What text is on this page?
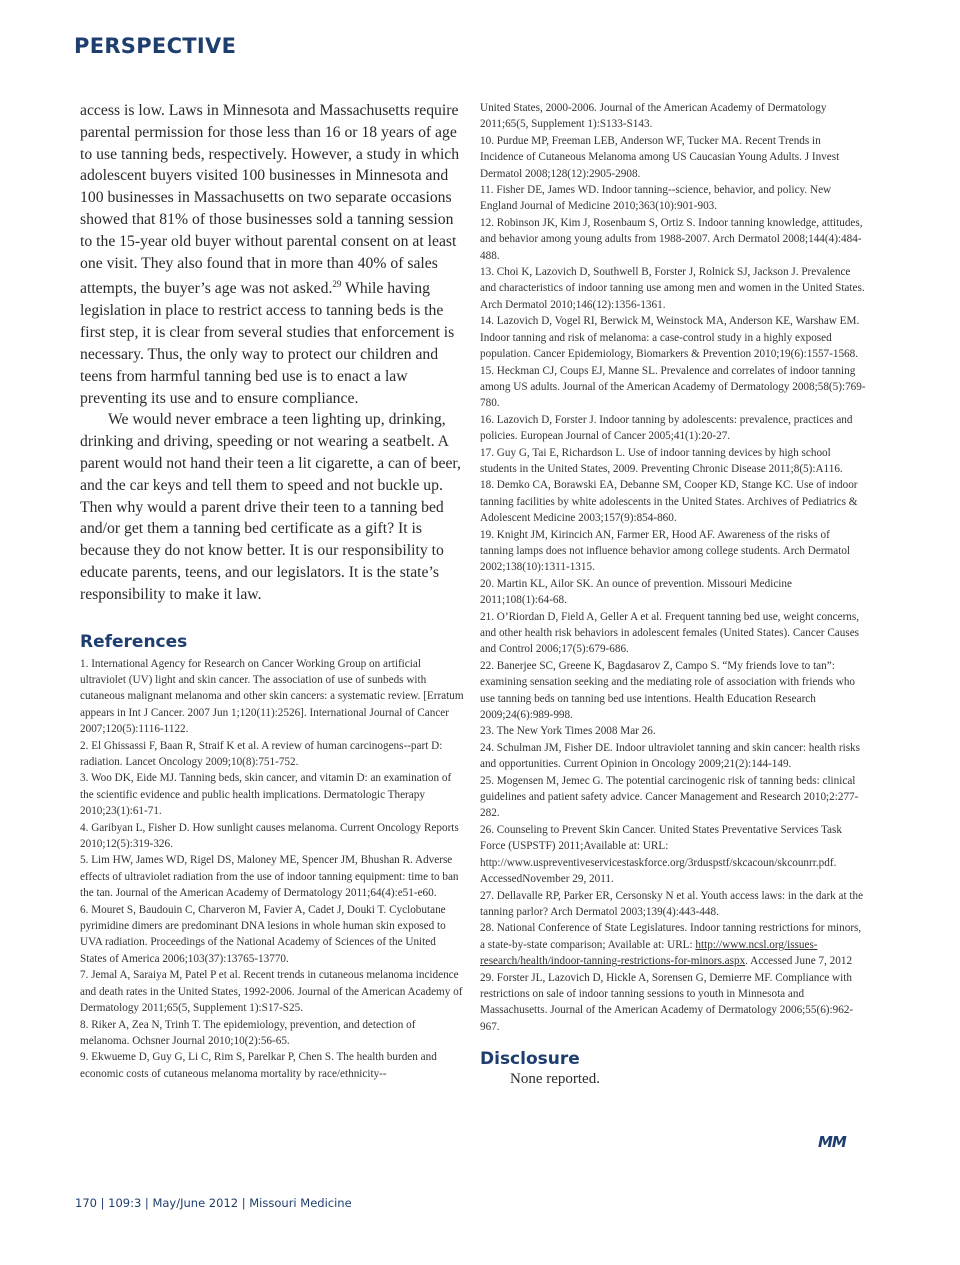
PERSPECTIVE

access is low. Laws in Minnesota and Massachusetts require parental permission for those less than 16 or 18 years of age to use tanning beds, respectively. However, a study in which adolescent buyers visited 100 businesses in Minnesota and 100 businesses in Massachusetts on two separate occasions showed that 81% of those businesses sold a tanning session to the 15-year old buyer without parental consent on at least one visit. They also found that in more than 40% of sales attempts, the buyer’s age was not asked.$^{29}$ While having legislation in place to restrict access to tanning beds is the first step, it is clear from several studies that enforcement is necessary. Thus, the only way to protect our children and teens from harmful tanning bed use is to enact a law preventing its use and to ensure compliance.

We would never embrace a teen lighting up, drinking, drinking and driving, speeding or not wearing a seatbelt. A parent would not hand their teen a lit cigarette, a can of beer, and the car keys and tell them to speed and not buckle up. Then why would a parent drive their teen to a tanning bed and/or get them a tanning bed certificate as a gift? It is because they do not know better. It is our responsibility to educate parents, teens, and our legislators. It is the state’s responsibility to make it law.

References

1. International Agency for Research on Cancer Working Group on artificial ultraviolet (UV) light and skin cancer. The association of use of sunbeds with cutaneous malignant melanoma and other skin cancers: a systematic review. [Erratum appears in Int J Cancer. 2007 Jun 1;120(11):2526]. International Journal of Cancer 2007;120(5):1116-1122.

2. El Ghissassi F, Baan R, Straif K et al. A review of human carcinogens--part D: radiation. Lancet Oncology 2009;10(8):751-752.

3. Woo DK, Eide MJ. Tanning beds, skin cancer, and vitamin D: an examination of the scientific evidence and public health implications. Dermatologic Therapy 2010;23(1):61-71.

4. Garibyan L, Fisher D. How sunlight causes melanoma. Current Oncology Reports 2010;12(5):319-326.

5. Lim HW, James WD, Rigel DS, Maloney ME, Spencer JM, Bhushan R. Adverse effects of ultraviolet radiation from the use of indoor tanning equipment: time to ban the tan. Journal of the American Academy of Dermatology 2011;64(4):e51-e60.

6. Mouret S, Baudouin C, Charveron M, Favier A, Cadet J, Douki T. Cyclobutane pyrimidine dimers are predominant DNA lesions in whole human skin exposed to UVA radiation. Proceedings of the National Academy of Sciences of the United States of America 2006;103(37):13765-13770.

7. Jemal A, Saraiya M, Patel P et al. Recent trends in cutaneous melanoma incidence and death rates in the United States, 1992-2006. Journal of the American Academy of Dermatology 2011;65(5, Supplement 1):S17-S25.

8. Riker A, Zea N, Trinh T. The epidemiology, prevention, and detection of melanoma. Ochsner Journal 2010;10(2):56-65.

9. Ekwueme D, Guy G, Li C, Rim S, Parelkar P, Chen S. The health burden and economic costs of cutaneous melanoma mortality by race/ethnicity--

United States, 2000-2006. Journal of the American Academy of Dermatology 2011;65(5, Supplement 1):S133-S143.

10. Purdue MP, Freeman LEB, Anderson WF, Tucker MA. Recent Trends in Incidence of Cutaneous Melanoma among US Caucasian Young Adults. J Invest Dermatol 2008;128(12):2905-2908.

11. Fisher DE, James WD. Indoor tanning--science, behavior, and policy. New England Journal of Medicine 2010;363(10):901-903.

12. Robinson JK, Kim J, Rosenbaum S, Ortiz S. Indoor tanning knowledge, attitudes, and behavior among young adults from 1988-2007. Arch Dermatol 2008;144(4):484-488.

13. Choi K, Lazovich D, Southwell B, Forster J, Rolnick SJ, Jackson J. Prevalence and characteristics of indoor tanning use among men and women in the United States. Arch Dermatol 2010;146(12):1356-1361.

14. Lazovich D, Vogel RI, Berwick M, Weinstock MA, Anderson KE, Warshaw EM. Indoor tanning and risk of melanoma: a case-control study in a highly exposed population. Cancer Epidemiology, Biomarkers & Prevention 2010;19(6):1557-1568.

15. Heckman CJ, Coups EJ, Manne SL. Prevalence and correlates of indoor tanning among US adults. Journal of the American Academy of Dermatology 2008;58(5):769-780.

16. Lazovich D, Forster J. Indoor tanning by adolescents: prevalence, practices and policies. European Journal of Cancer 2005;41(1):20-27.

17. Guy G, Tai E, Richardson L. Use of indoor tanning devices by high school students in the United States, 2009. Preventing Chronic Disease 2011;8(5):A116.

18. Demko CA, Borawski EA, Debanne SM, Cooper KD, Stange KC. Use of indoor tanning facilities by white adolescents in the United States. Archives of Pediatrics & Adolescent Medicine 2003;157(9):854-860.

19. Knight JM, Kirincich AN, Farmer ER, Hood AF. Awareness of the risks of tanning lamps does not influence behavior among college students. Arch Dermatol 2002;138(10):1311-1315.

20. Martin KL, Ailor SK. An ounce of prevention. Missouri Medicine 2011;108(1):64-68.

21. O’Riordan D, Field A, Geller A et al. Frequent tanning bed use, weight concerns, and other health risk behaviors in adolescent females (United States). Cancer Causes and Control 2006;17(5):679-686.

22. Banerjee SC, Greene K, Bagdasarov Z, Campo S. “My friends love to tan”: examining sensation seeking and the mediating role of association with friends who use tanning beds on tanning bed use intentions. Health Education Research 2009;24(6):989-998.

23. The New York Times 2008 Mar 26.

24. Schulman JM, Fisher DE. Indoor ultraviolet tanning and skin cancer: health risks and opportunities. Current Opinion in Oncology 2009;21(2):144-149.

25. Mogensen M, Jemec G. The potential carcinogenic risk of tanning beds: clinical guidelines and patient safety advice. Cancer Management and Research 2010;2:277-282.

26. Counseling to Prevent Skin Cancer. United States Preventative Services Task Force (USPSTF) 2011;Available at: URL: http://www.uspreventiveservicestaskforce.org/3rduspstf/skcacoun/skcounrr.pdf. AccessedNovember 29, 2011.

27. Dellavalle RP, Parker ER, Cersonsky N et al. Youth access laws: in the dark at the tanning parlor? Arch Dermatol 2003;139(4):443-448.

28. National Conference of State Legislatures. Indoor tanning restrictions for minors, a state-by-state comparison; Available at: URL: http://www.ncsl.org/issues-research/health/indoor-tanning-restrictions-for-minors.aspx. Accessed June 7, 2012

29. Forster JL, Lazovich D, Hickle A, Sorensen G, Demierre MF. Compliance with restrictions on sale of indoor tanning sessions to youth in Minnesota and Massachusetts. Journal of the American Academy of Dermatology 2006;55(6):962-967.

Disclosure

None reported.

MM
170 | 109:3 | May/June 2012 | Missouri Medicine
